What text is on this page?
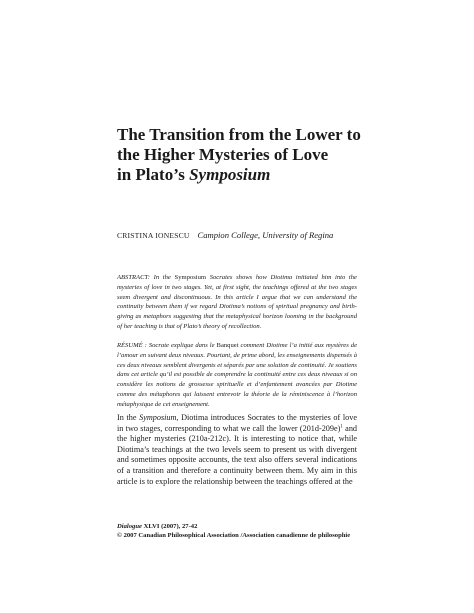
The Transition from the Lower to
the Higher Mysteries of Love
in Plato’s Symposium
CRISTINA IONESCU Campion College, University of Regina

ABSTRACT: In the Symposium Socrates shows how Diotima initiated him into the mysteries of love in two stages. Yet, at first sight, the teachings offered at the two stages seem divergent and discontinuous. In this article I argue that we can understand the continuity between them if we regard Diotima’s notions of spiritual pregnancy and birth-giving as metaphors suggesting that the metaphysical horizon looming in the background of her teaching is that of Plato’s theory of recollection.

RÉSUMÉ : Socrate explique dans le Banquet comment Diotime l’a initié aux mystères de l’amour en suivant deux niveaux. Pourtant, de prime abord, les enseignements dispensés à ces deux niveaux semblent divergents et séparés par une solution de continuité. Je soutiens dans cet article qu’il est possible de comprendre la continuité entre ces deux niveaux si on considère les notions de grossesse spirituelle et d’enfantement avancées par Diotime comme des métaphores qui laissent entrevoir la théorie de la réminiscence à l’horizon métaphysique de cet enseignement.

In the Symposium, Diotima introduces Socrates to the mysteries of love in two stages, corresponding to what we call the lower $(201d-209e)^1$ and the higher mysteries (210a-212c). It is interesting to notice that, while Diotima’s teachings at the two levels seem to present us with divergent and sometimes opposite accounts, the text also offers several indications of a transition and therefore a continuity between them. My aim in this article is to explore the relationship between the teachings offered at the

Dialogue XLVI (2007), 27-42
© 2007 Canadian Philosophical Association /Association canadienne de philosophie
